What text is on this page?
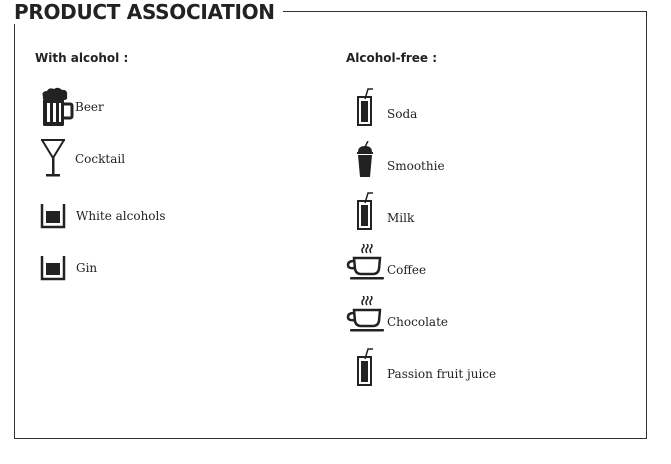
PRODUCT ASSOCIATION
With alcohol :	Alcohol-free :
Beer
Cocktail
White alcohols
Gin
Soda
Smoothie
Milk
Coffee
Chocolate
Passion fruit juice
